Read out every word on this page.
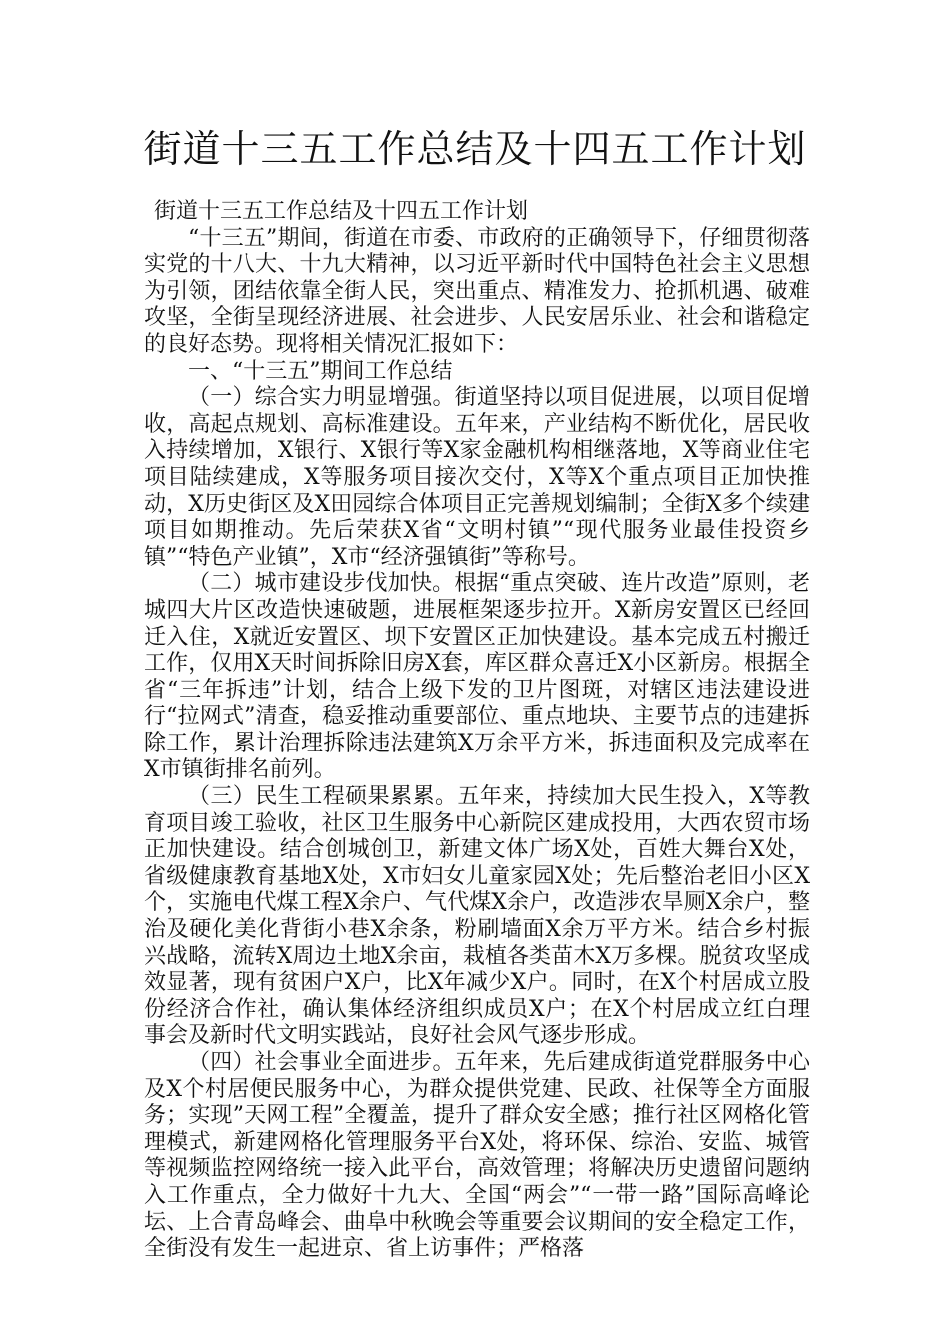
街道十三五工作总结及十四五工作计划

街道十三五工作总结及十四五工作计划

“十三五”期间，街道在市委、市政府的正确领导下，仔细贯彻落实党的十八大、十九大精神，以习近平新时代中国特色社会主义思想为引领，团结依靠全街人民，突出重点、精准发力、抢抓机遇、破难攻坚，全街呈现经济进展、社会进步、人民安居乐业、社会和谐稳定的良好态势。现将相关情况汇报如下：

一、“十三五”期间工作总结

（一）综合实力明显增强。街道坚持以项目促进展，以项目促增收，高起点规划、高标准建设。五年来，产业结构不断优化，居民收入持续增加，X银行、X银行等X家金融机构相继落地，X等商业住宅项目陆续建成，X等服务项目接次交付，X等X个重点项目正加快推动，X历史街区及X田园综合体项目正完善规划编制；全街X多个续建项目如期推动。先后荣获X省“文明村镇”“现代服务业最佳投资乡镇”“特色产业镇”，X市“经济强镇街”等称号。

（二）城市建设步伐加快。根据“重点突破、连片改造”原则，老城四大片区改造快速破题，进展框架逐步拉开。X新房安置区已经回迁入住，X就近安置区、坝下安置区正加快建设。基本完成五村搬迁工作，仅用X天时间拆除旧房X套，库区群众喜迁X小区新房。根据全省“三年拆违”计划，结合上级下发的卫片图斑，对辖区违法建设进行“拉网式”清查，稳妥推动重要部位、重点地块、主要节点的违建拆除工作，累计治理拆除违法建筑X万余平方米，拆违面积及完成率在X市镇街排名前列。

（三）民生工程硕果累累。五年来，持续加大民生投入，X等教育项目竣工验收，社区卫生服务中心新院区建成投用，大西农贸市场正加快建设。结合创城创卫，新建文体广场X处，百姓大舞台X处，省级健康教育基地X处，X市妇女儿童家园X处；先后整治老旧小区X个，实施电代煤工程X余户、气代煤X余户，改造涉农旱厕X余户，整治及硬化美化背街小巷X余条，粉刷墙面X余万平方米。结合乡村振兴战略，流转X周边土地X余亩，栽植各类苗木X万多棵。脱贫攻坚成效显著，现有贫困户X户，比X年减少X户。同时，在X个村居成立股份经济合作社，确认集体经济组织成员X户；在X个村居成立红白理事会及新时代文明实践站，良好社会风气逐步形成。

（四）社会事业全面进步。五年来，先后建成街道党群服务中心及X个村居便民服务中心，为群众提供党建、民政、社保等全方面服务；实现”天网工程”全覆盖，提升了群众安全感；推行社区网格化管理模式，新建网格化管理服务平台X处，将环保、综治、安监、城管等视频监控网络统一接入此平台，高效管理；将解决历史遗留问题纳入工作重点，全力做好十九大、全国“两会”“一带一路”国际高峰论坛、上合青岛峰会、曲阜中秋晚会等重要会议期间的安全稳定工作，全街没有发生一起进京、省上访事件；严格落
